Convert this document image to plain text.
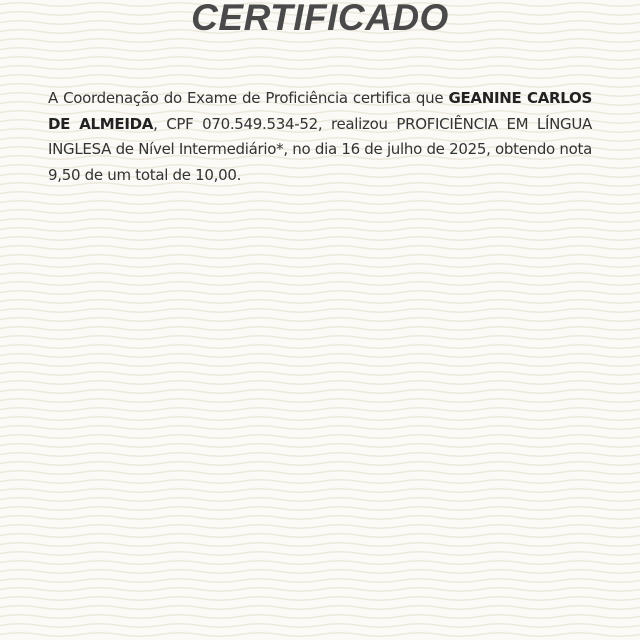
CERTIFICADO
A Coordenação do Exame de Proficiência certifica que GEANINE CARLOS DE ALMEIDA, CPF 070.549.534-52, realizou PROFICIÊNCIA EM LÍNGUA INGLESA de Nível Intermediário*, no dia 16 de julho de 2025, obtendo nota 9,50 de um total de 10,00.
